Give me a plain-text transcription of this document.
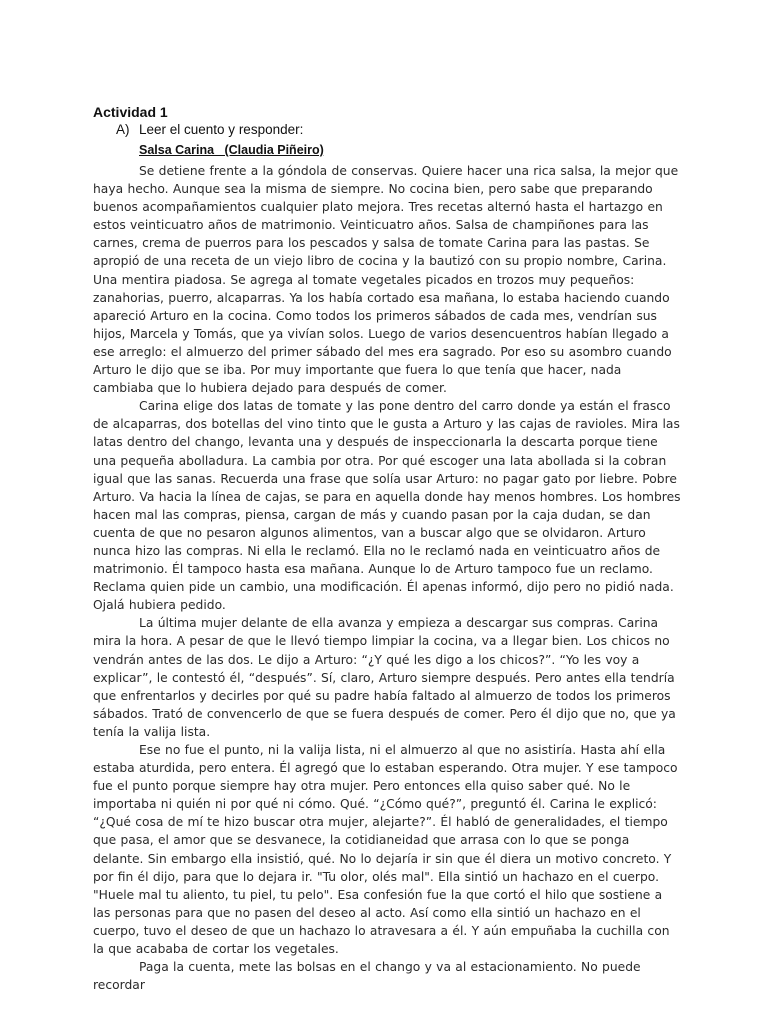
Actividad 1
A) Leer el cuento y responder:
Salsa Carina   (Claudia Piñeiro)

Se detiene frente a la góndola de conservas. Quiere hacer una rica salsa, la mejor que haya hecho. Aunque sea la misma de siempre. No cocina bien, pero sabe que preparando buenos acompañamientos cualquier plato mejora. Tres recetas alternó hasta el hartazgo en estos veinticuatro años de matrimonio. Veinticuatro años. Salsa de champiñones para las carnes, crema de puerros para los pescados y salsa de tomate Carina para las pastas. Se apropió de una receta de un viejo libro de cocina y la bautizó con su propio nombre, Carina. Una mentira piadosa. Se agrega al tomate vegetales picados en trozos muy pequeños: zanahorias, puerro, alcaparras. Ya los había cortado esa mañana, lo estaba haciendo cuando apareció Arturo en la cocina. Como todos los primeros sábados de cada mes, vendrían sus hijos, Marcela y Tomás, que ya vivían solos. Luego de varios desencuentros habían llegado a ese arreglo: el almuerzo del primer sábado del mes era sagrado. Por eso su asombro cuando Arturo le dijo que se iba. Por muy importante que fuera lo que tenía que hacer, nada cambiaba que lo hubiera dejado para después de comer.

Carina elige dos latas de tomate y las pone dentro del carro donde ya están el frasco de alcaparras, dos botellas del vino tinto que le gusta a Arturo y las cajas de ravioles. Mira las latas dentro del chango, levanta una y después de inspeccionarla la descarta porque tiene una pequeña abolladura. La cambia por otra. Por qué escoger una lata abollada si la cobran igual que las sanas. Recuerda una frase que solía usar Arturo: no pagar gato por liebre. Pobre Arturo. Va hacia la línea de cajas, se para en aquella donde hay menos hombres. Los hombres hacen mal las compras, piensa, cargan de más y cuando pasan por la caja dudan, se dan cuenta de que no pesaron algunos alimentos, van a buscar algo que se olvidaron. Arturo nunca hizo las compras. Ni ella le reclamó. Ella no le reclamó nada en veinticuatro años de matrimonio. Él tampoco hasta esa mañana. Aunque lo de Arturo tampoco fue un reclamo. Reclama quien pide un cambio, una modificación. Él apenas informó, dijo pero no pidió nada. Ojalá hubiera pedido.

La última mujer delante de ella avanza y empieza a descargar sus compras. Carina mira la hora. A pesar de que le llevó tiempo limpiar la cocina, va a llegar bien. Los chicos no vendrán antes de las dos. Le dijo a Arturo: “¿Y qué les digo a los chicos?”. “Yo les voy a explicar”, le contestó él, “después”. Sí, claro, Arturo siempre después. Pero antes ella tendría que enfrentarlos y decirles por qué su padre había faltado al almuerzo de todos los primeros sábados. Trató de convencerlo de que se fuera después de comer. Pero él dijo que no, que ya tenía la valija lista.

Ese no fue el punto, ni la valija lista, ni el almuerzo al que no asistiría. Hasta ahí ella estaba aturdida, pero entera. Él agregó que lo estaban esperando. Otra mujer. Y ese tampoco fue el punto porque siempre hay otra mujer. Pero entonces ella quiso saber qué. No le importaba ni quién ni por qué ni cómo. Qué. “¿Cómo qué?”, preguntó él. Carina le explicó: “¿Qué cosa de mí te hizo buscar otra mujer, alejarte?”. Él habló de generalidades, el tiempo que pasa, el amor que se desvanece, la cotidianeidad que arrasa con lo que se ponga delante. Sin embargo ella insistió, qué. No lo dejaría ir sin que él diera un motivo concreto. Y por fin él dijo, para que lo dejara ir. "Tu olor, olés mal". Ella sintió un hachazo en el cuerpo. "Huele mal tu aliento, tu piel, tu pelo". Esa confesión fue la que cortó el hilo que sostiene a las personas para que no pasen del deseo al acto. Así como ella sintió un hachazo en el cuerpo, tuvo el deseo de que un hachazo lo atravesara a él. Y aún empuñaba la cuchilla con la que acababa de cortar los vegetales.

Paga la cuenta, mete las bolsas en el chango y va al estacionamiento. No puede recordar
